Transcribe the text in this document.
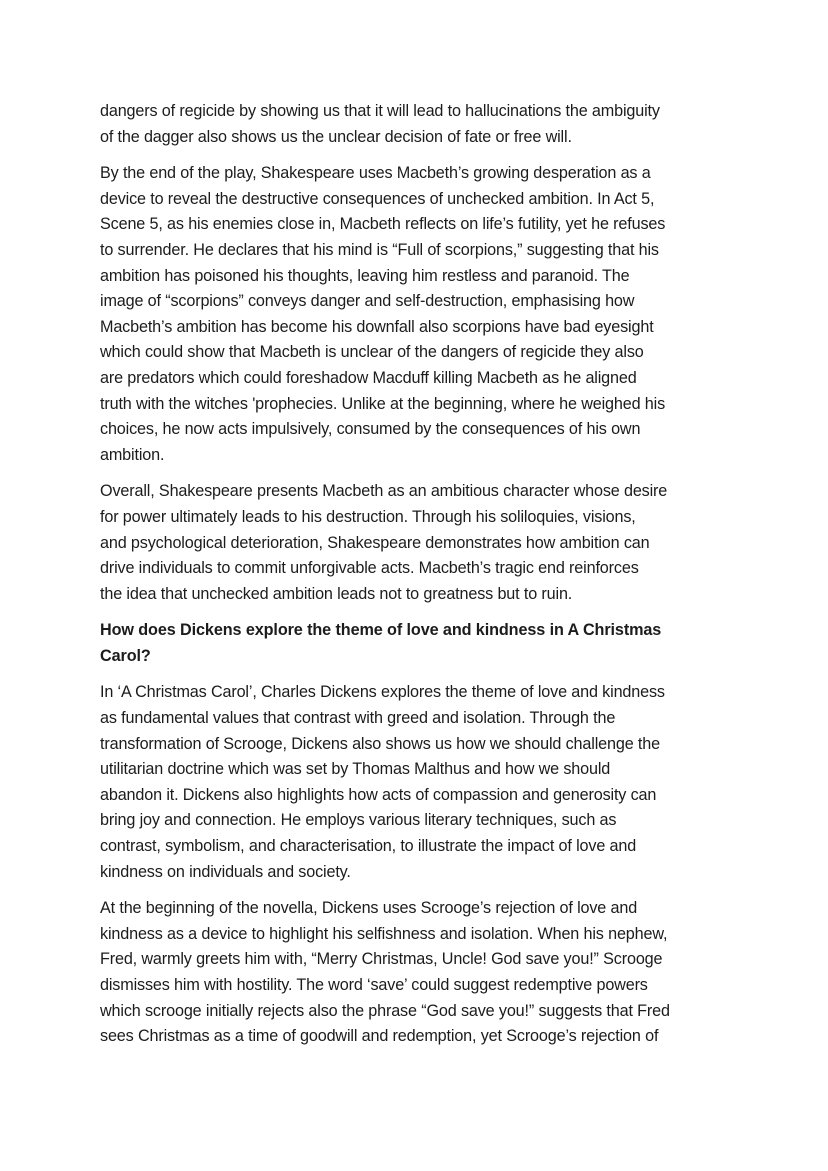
dangers of regicide by showing us that it will lead to hallucinations the ambiguity
of the dagger also shows us the unclear decision of fate or free will.
By the end of the play, Shakespeare uses Macbeth’s growing desperation as a
device to reveal the destructive consequences of unchecked ambition. In Act 5,
Scene 5, as his enemies close in, Macbeth reflects on life’s futility, yet he refuses
to surrender. He declares that his mind is “Full of scorpions,” suggesting that his
ambition has poisoned his thoughts, leaving him restless and paranoid. The
image of “scorpions” conveys danger and self-destruction, emphasising how
Macbeth’s ambition has become his downfall also scorpions have bad eyesight
which could show that Macbeth is unclear of the dangers of regicide they also
are predators which could foreshadow Macduff killing Macbeth as he aligned
truth with the witches 'prophecies. Unlike at the beginning, where he weighed his
choices, he now acts impulsively, consumed by the consequences of his own
ambition.
Overall, Shakespeare presents Macbeth as an ambitious character whose desire
for power ultimately leads to his destruction. Through his soliloquies, visions,
and psychological deterioration, Shakespeare demonstrates how ambition can
drive individuals to commit unforgivable acts. Macbeth’s tragic end reinforces
the idea that unchecked ambition leads not to greatness but to ruin.
How does Dickens explore the theme of love and kindness in A Christmas
Carol?
In ‘A Christmas Carol’, Charles Dickens explores the theme of love and kindness
as fundamental values that contrast with greed and isolation. Through the
transformation of Scrooge, Dickens also shows us how we should challenge the
utilitarian doctrine which was set by Thomas Malthus and how we should
abandon it. Dickens also highlights how acts of compassion and generosity can
bring joy and connection. He employs various literary techniques, such as
contrast, symbolism, and characterisation, to illustrate the impact of love and
kindness on individuals and society.
At the beginning of the novella, Dickens uses Scrooge’s rejection of love and
kindness as a device to highlight his selfishness and isolation. When his nephew,
Fred, warmly greets him with, “Merry Christmas, Uncle! God save you!” Scrooge
dismisses him with hostility. The word ‘save’ could suggest redemptive powers
which scrooge initially rejects also the phrase “God save you!” suggests that Fred
sees Christmas as a time of goodwill and redemption, yet Scrooge’s rejection of
